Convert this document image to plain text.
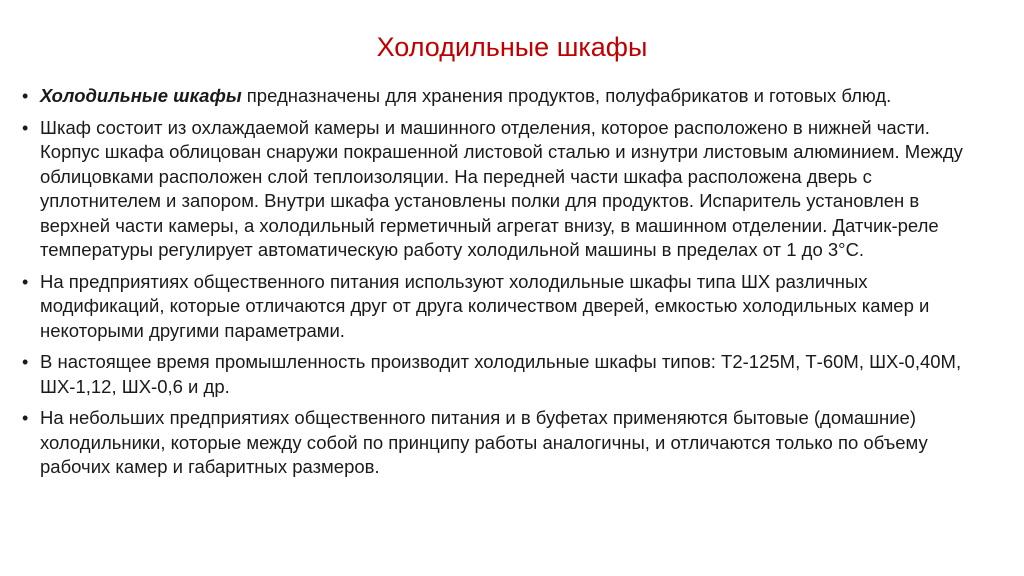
Холодильные шкафы
• Холодильные шкафы предназначены для хранения продуктов, полуфабрикатов и готовых блюд.
• Шкаф состоит из охлаждаемой камеры и машинного отделения, которое расположено в нижней части. Корпус шкафа облицован снаружи покрашенной листовой сталью и изнутри листовым алюминием. Между облицовками расположен слой теплоизоляции. На передней части шкафа расположена дверь с уплотнителем и запором. Внутри шкафа установлены полки для продуктов. Испаритель установлен в верхней части камеры, а холодильный герметичный агрегат внизу, в машинном отделении. Датчик-реле температуры регулирует автоматическую работу холодильной машины в пределах от 1 до 3°С.
• На предприятиях общественного питания используют холодильные шкафы типа ШХ различных модификаций, которые отличаются друг от друга количеством дверей, емкостью холодильных камер и некоторыми другими параметрами.
• В настоящее время промышленность производит холодильные шкафы типов: Т2-125М, Т-60М, ШХ-0,40М, ШХ-1,12, ШХ-0,6 и др.
• На небольших предприятиях общественного питания и в буфетах применяются бытовые (домашние) холодильники, которые между собой по принципу работы аналогичны, и отличаются только по объему рабочих камер и габаритных размеров.
